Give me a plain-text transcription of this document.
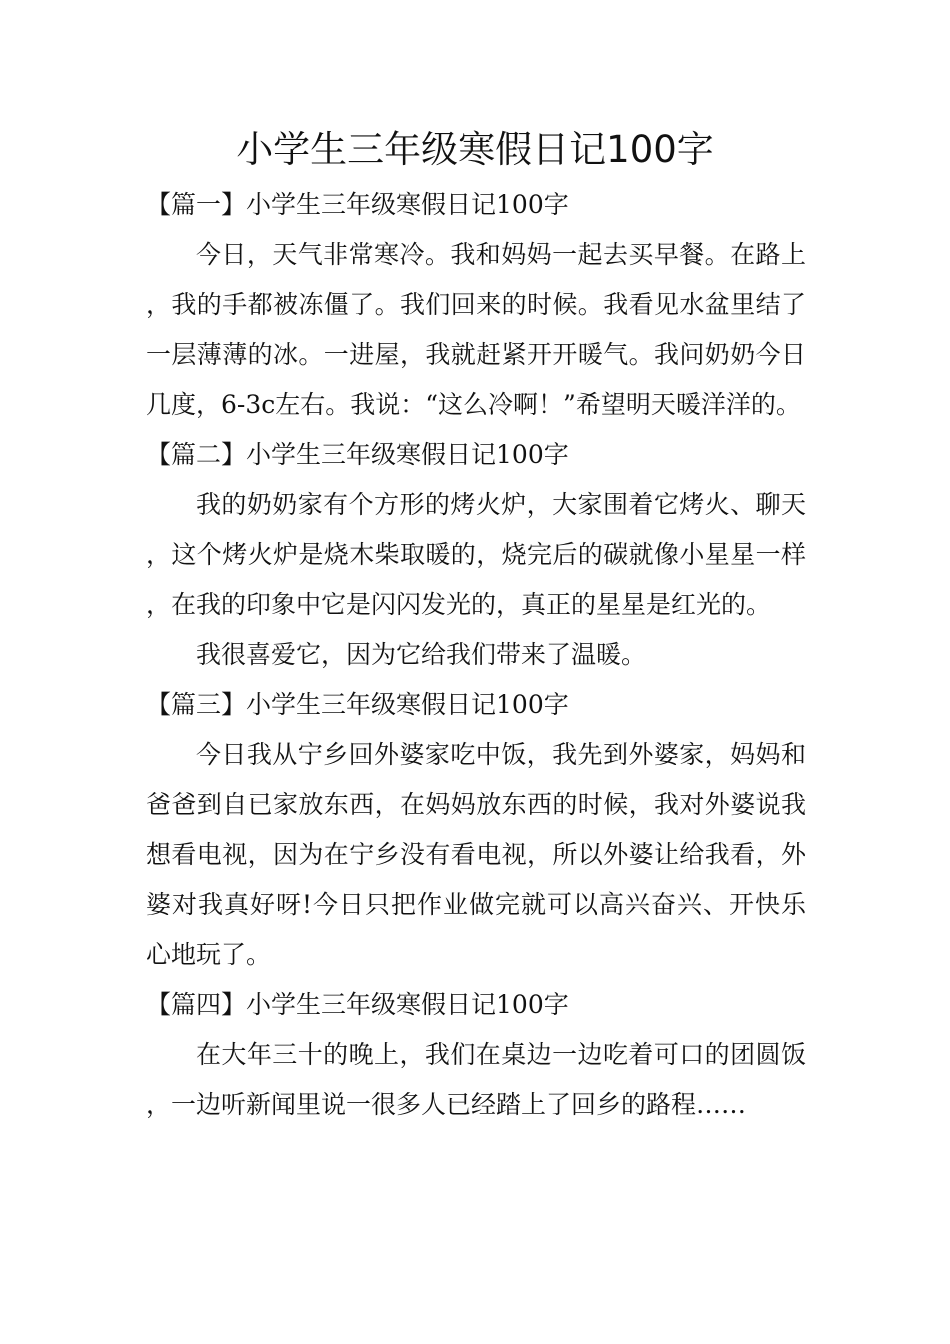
小学生三年级寒假日记100字
【篇一】小学生三年级寒假日记100字

今日，天气非常寒冷。我和妈妈一起去买早餐。在路上，我的手都被冻僵了。我们回来的时候。我看见水盆里结了一层薄薄的冰。一进屋，我就赶紧开开暖气。我问奶奶今日几度，6-3c左右。我说：“这么冷啊！”希望明天暖洋洋的。

【篇二】小学生三年级寒假日记100字

我的奶奶家有个方形的烤火炉，大家围着它烤火、聊天，这个烤火炉是烧木柴取暖的，烧完后的碳就像小星星一样，在我的印象中它是闪闪发光的，真正的星星是红光的。

我很喜爱它，因为它给我们带来了温暖。

【篇三】小学生三年级寒假日记100字

今日我从宁乡回外婆家吃中饭，我先到外婆家，妈妈和爸爸到自已家放东西，在妈妈放东西的时候，我对外婆说我想看电视，因为在宁乡没有看电视，所以外婆让给我看，外婆对我真好呀!今日只把作业做完就可以高兴奋兴、开快乐心地玩了。

【篇四】小学生三年级寒假日记100字

在大年三十的晚上，我们在桌边一边吃着可口的团圆饭，一边听新闻里说一很多人已经踏上了回乡的路程……
